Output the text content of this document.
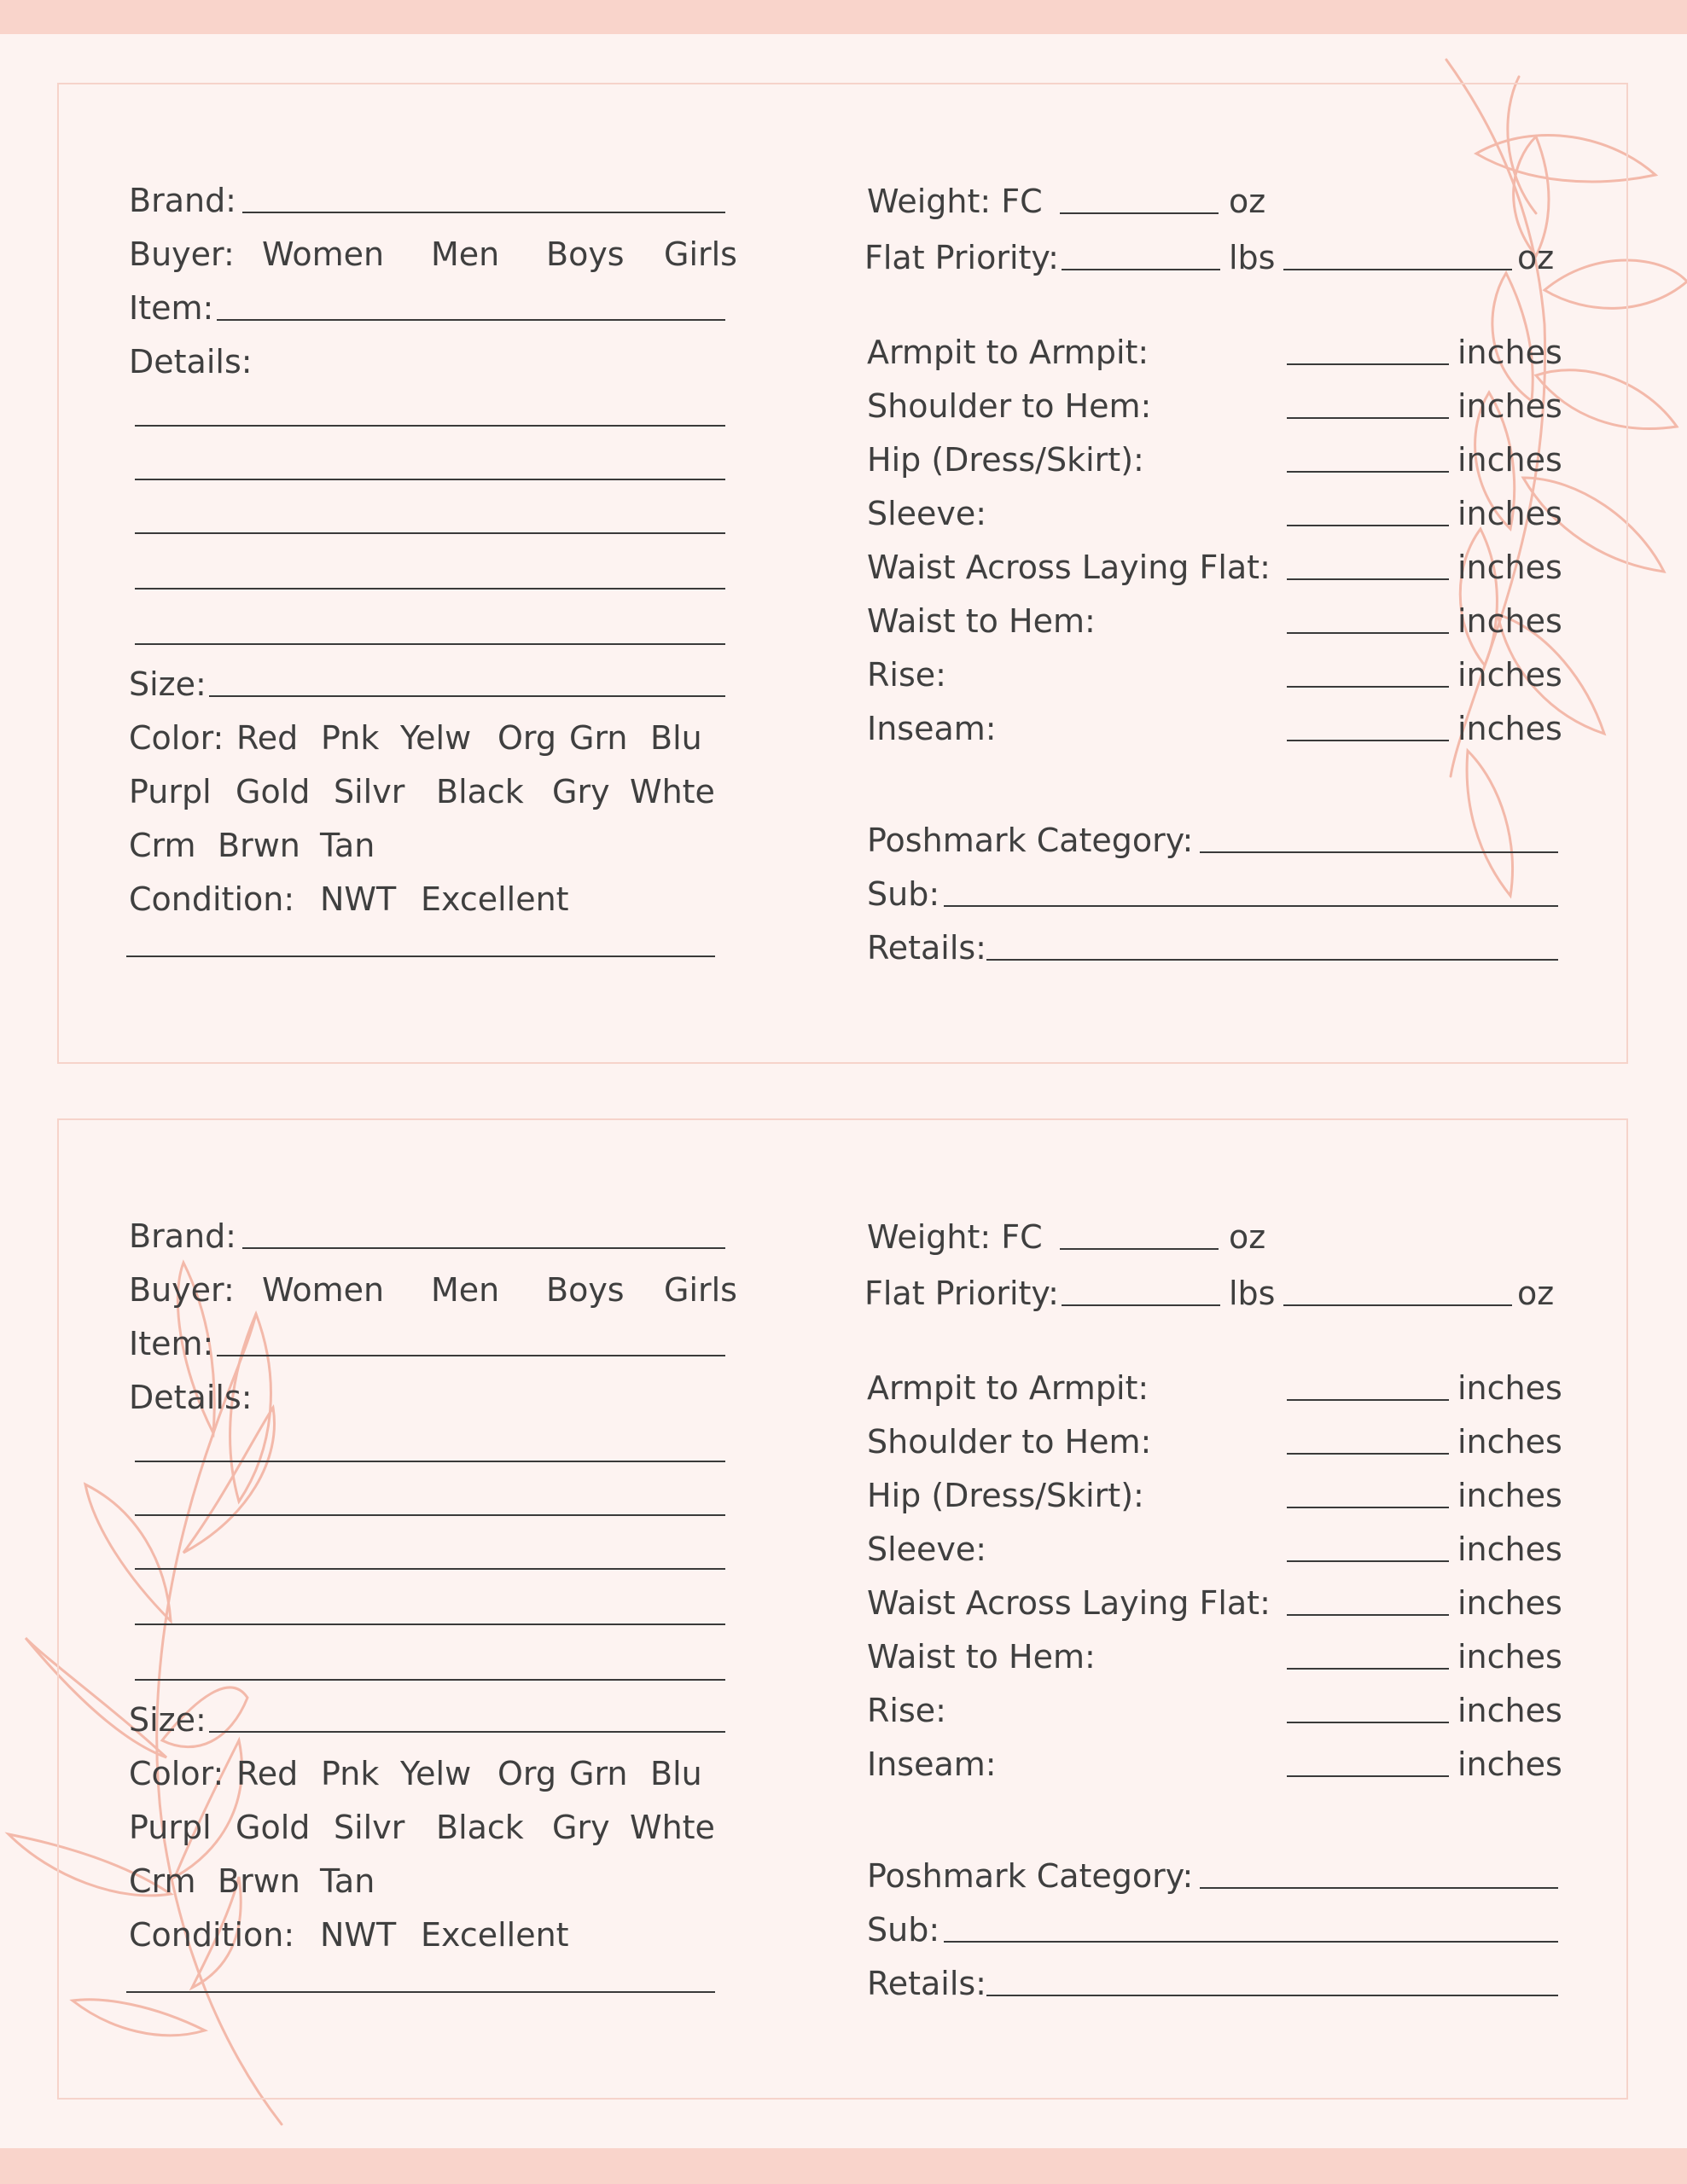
Brand:
Buyer: Women Men Boys Girls
Item:
Details:
Size:
Color: Red Pnk Yelw Org Grn Blu
Purpl Gold Silvr Black Gry Whte
Crm Brwn Tan
Condition: NWT Excellent
Weight: FC	oz
Flat Priority:	lbs	oz
Armpit to Armpit:	inches
Shoulder to Hem:	inches
Hip (Dress/Skirt):	inches
Sleeve:	inches
Waist Across Laying Flat:	inches
Waist to Hem:	inches
Rise:	inches
Inseam:	inches
Poshmark Category:
Sub:
Retails:
Brand:
Buyer: Women Men Boys Girls
Item:
Details:
Size:
Color: Red Pnk Yelw Org Grn Blu
Purpl Gold Silvr Black Gry Whte
Crm Brwn Tan
Condition: NWT Excellent
Weight: FC	oz
Flat Priority:	lbs	oz
Armpit to Armpit:	inches
Shoulder to Hem:	inches
Hip (Dress/Skirt):	inches
Sleeve:	inches
Waist Across Laying Flat:	inches
Waist to Hem:	inches
Rise:	inches
Inseam:	inches
Poshmark Category:
Sub:
Retails:
